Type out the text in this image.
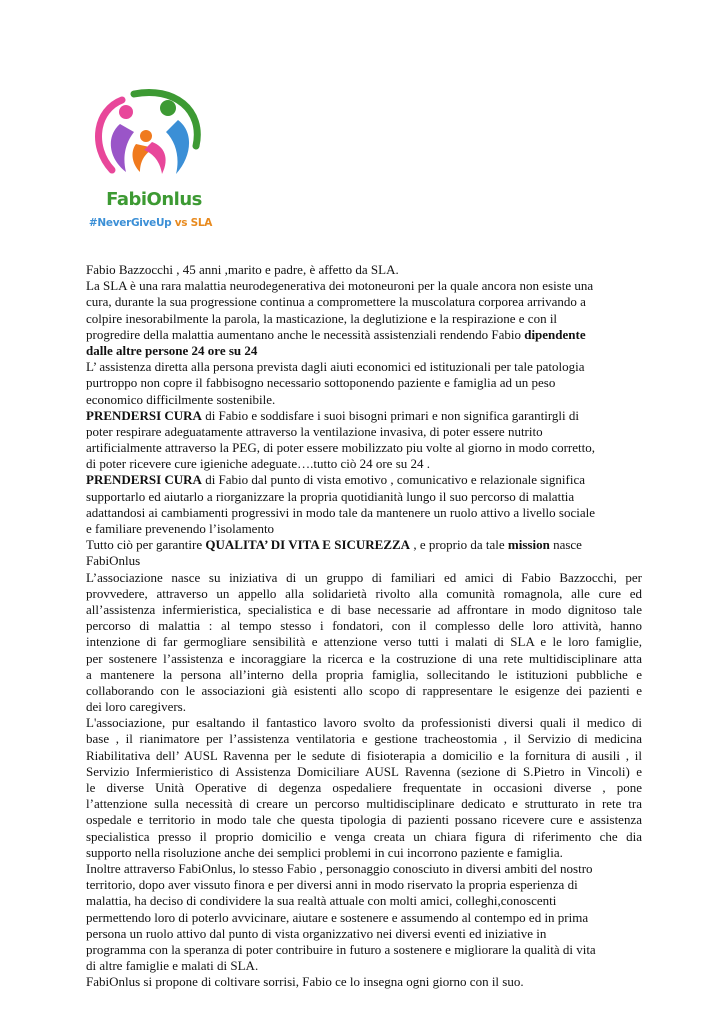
FabiOnlus
#NeverGiveUp vs SLA
Fabio Bazzocchi , 45 anni ,marito e padre, è affetto da SLA.
La SLA è una rara malattia neurodegenerativa dei motoneuroni per la quale ancora non esiste una
cura, durante la sua progressione continua a compromettere la muscolatura corporea arrivando a
colpire inesorabilmente la parola, la masticazione, la deglutizione e la respirazione e con il
progredire della malattia aumentano anche le necessità assistenziali rendendo Fabio dipendente
dalle altre persone 24 ore su 24
L’ assistenza diretta alla persona prevista dagli aiuti economici ed istituzionali per tale patologia
purtroppo non copre il fabbisogno necessario sottoponendo paziente e famiglia ad un peso
economico difficilmente sostenibile.
PRENDERSI CURA di Fabio e soddisfare i suoi bisogni primari e non significa garantirgli di
poter respirare adeguatamente attraverso la ventilazione invasiva, di poter essere nutrito
artificialmente attraverso la PEG, di poter essere mobilizzato piu volte al giorno in modo corretto,
di poter ricevere cure igieniche adeguate….tutto ciò 24 ore su 24 .
PRENDERSI CURA di Fabio dal punto di vista emotivo , comunicativo e relazionale significa
supportarlo ed aiutarlo a riorganizzare la propria quotidianità lungo il suo percorso di malattia
adattandosi ai cambiamenti progressivi in modo tale da mantenere un ruolo attivo a livello sociale
e familiare prevenendo l’isolamento
Tutto ciò per garantire QUALITA’ DI VITA E SICUREZZA , e proprio da tale mission nasce
FabiOnlus
L’associazione nasce su iniziativa di un gruppo di familiari ed amici di Fabio Bazzocchi, per
provvedere, attraverso un appello alla solidarietà rivolto alla comunità romagnola, alle cure ed
all’assistenza infermieristica, specialistica e di base necessarie ad affrontare in modo dignitoso tale
percorso di malattia : al tempo stesso i fondatori, con il complesso delle loro attività, hanno
intenzione di far germogliare sensibilità e attenzione verso tutti i malati di SLA e le loro famiglie,
per sostenere l’assistenza e incoraggiare la ricerca e la costruzione di una rete multidisciplinare atta
a mantenere la persona all’interno della propria famiglia, sollecitando le istituzioni pubbliche e
collaborando con le associazioni già esistenti allo scopo di rappresentare le esigenze dei pazienti e
dei loro caregivers.
L'associazione, pur esaltando il fantastico lavoro svolto da professionisti diversi quali il medico di
base , il rianimatore per l’assistenza ventilatoria e gestione tracheostomia , il Servizio di medicina
Riabilitativa dell’ AUSL Ravenna per le sedute di fisioterapia a domicilio e la fornitura di ausili , il
Servizio Infermieristico di Assistenza Domiciliare AUSL Ravenna (sezione di S.Pietro in Vincoli) e
le diverse Unità Operative di degenza ospedaliere frequentate in occasioni diverse , pone
l’attenzione sulla necessità di creare un percorso multidisciplinare dedicato e strutturato in rete tra
ospedale e territorio in modo tale che questa tipologia di pazienti possano ricevere cure e assistenza
specialistica presso il proprio domicilio e venga creata un chiara figura di riferimento che dia
supporto nella risoluzione anche dei semplici problemi in cui incorrono paziente e famiglia.
Inoltre attraverso FabiOnlus, lo stesso Fabio , personaggio conosciuto in diversi ambiti del nostro
territorio, dopo aver vissuto finora e per diversi anni in modo riservato la propria esperienza di
malattia, ha deciso di condividere la sua realtà attuale con molti amici, colleghi,conoscenti
permettendo loro di poterlo avvicinare, aiutare e sostenere e assumendo al contempo ed in prima
persona un ruolo attivo dal punto di vista organizzativo nei diversi eventi ed iniziative in
programma con la speranza di poter contribuire in futuro a sostenere e migliorare la qualità di vita
di altre famiglie e malati di SLA.
FabiOnlus si propone di coltivare sorrisi, Fabio ce lo insegna ogni giorno con il suo.
